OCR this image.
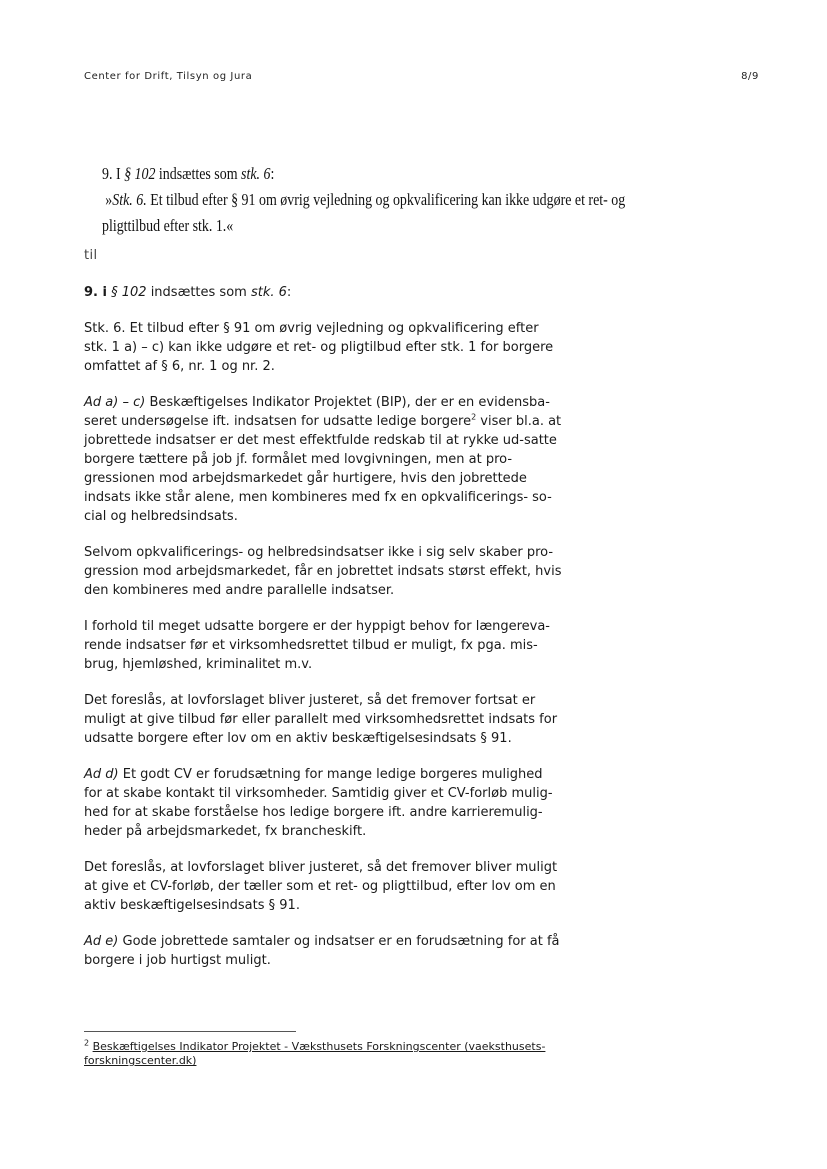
Center for Drift, Tilsyn og Jura	8/9
9. I § 102 indsættes som stk. 6:
»Stk. 6. Et tilbud efter § 91 om øvrig vejledning og opkvalificering kan ikke udgøre et ret- og
pligttilbud efter stk. 1.«
til

9. i § 102 indsættes som stk. 6:

Stk. 6. Et tilbud efter § 91 om øvrig vejledning og opkvalificering efter stk. 1 a) – c) kan ikke udgøre et ret- og pligtilbud efter stk. 1 for borgere omfattet af § 6, nr. 1 og nr. 2.

Ad a) – c) Beskæftigelses Indikator Projektet (BIP), der er en evidensba-seret undersøgelse ift. indsatsen for udsatte ledige borgere$^2$ viser bl.a. at jobrettede indsatser er det mest effektfulde redskab til at rykke ud-satte borgere tættere på job jf. formålet med lovgivningen, men at pro-gressionen mod arbejdsmarkedet går hurtigere, hvis den jobrettede indsats ikke står alene, men kombineres med fx en opkvalificerings- so-cial og helbredsindsats.

Selvom opkvalificerings- og helbredsindsatser ikke i sig selv skaber pro-gression mod arbejdsmarkedet, får en jobrettet indsats størst effekt, hvis den kombineres med andre parallelle indsatser.

I forhold til meget udsatte borgere er der hyppigt behov for længereva-rende indsatser før et virksomhedsrettet tilbud er muligt, fx pga. mis-brug, hjemløshed, kriminalitet m.v.

Det foreslås, at lovforslaget bliver justeret, så det fremover fortsat er muligt at give tilbud før eller parallelt med virksomhedsrettet indsats for udsatte borgere efter lov om en aktiv beskæftigelsesindsats § 91.

Ad d) Et godt CV er forudsætning for mange ledige borgeres mulighed for at skabe kontakt til virksomheder. Samtidig giver et CV-forløb mulig-hed for at skabe forståelse hos ledige borgere ift. andre karrieremulig-heder på arbejdsmarkedet, fx brancheskift.

Det foreslås, at lovforslaget bliver justeret, så det fremover bliver muligt at give et CV-forløb, der tæller som et ret- og pligttilbud, efter lov om en aktiv beskæftigelsesindsats § 91.

Ad e) Gode jobrettede samtaler og indsatser er en forudsætning for at få borgere i job hurtigst muligt.

$^2$ Beskæftigelses Indikator Projektet - Væksthusets Forskningscenter (vaeksthusets-forskningscenter.dk)
